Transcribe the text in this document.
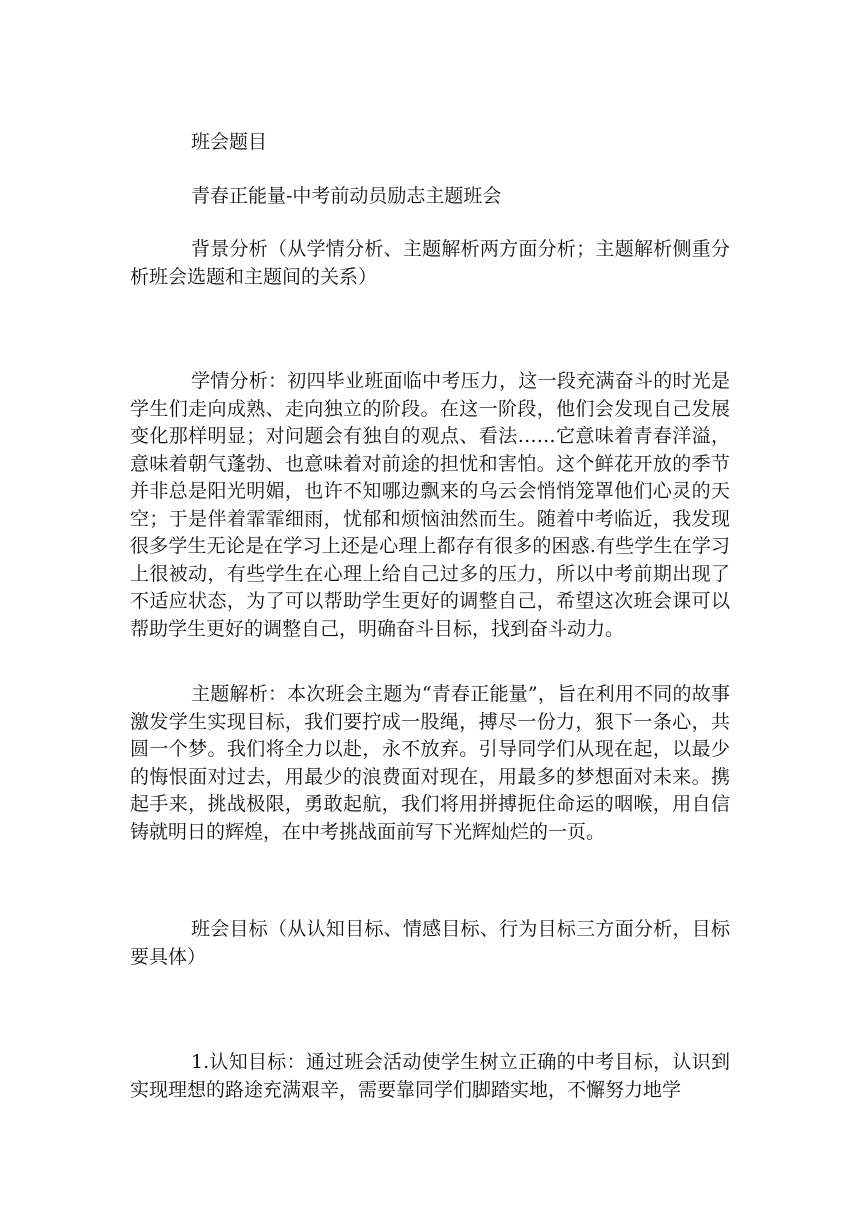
班会题目

青春正能量-中考前动员励志主题班会

背景分析（从学情分析、主题解析两方面分析；主题解析侧重分析班会选题和主题间的关系）

学情分析：初四毕业班面临中考压力，这一段充满奋斗的时光是学生们走向成熟、走向独立的阶段。在这一阶段，他们会发现自己发展变化那样明显；对问题会有独自的观点、看法……它意味着青春洋溢，意味着朝气蓬勃、也意味着对前途的担忧和害怕。这个鲜花开放的季节并非总是阳光明媚，也许不知哪边飘来的乌云会悄悄笼罩他们心灵的天空；于是伴着霏霏细雨，忧郁和烦恼油然而生。随着中考临近，我发现很多学生无论是在学习上还是心理上都存有很多的困惑.有些学生在学习上很被动，有些学生在心理上给自己过多的压力，所以中考前期出现了不适应状态，为了可以帮助学生更好的调整自己，希望这次班会课可以帮助学生更好的调整自己，明确奋斗目标，找到奋斗动力。

主题解析：本次班会主题为“青春正能量”，旨在利用不同的故事激发学生实现目标，我们要拧成一股绳，搏尽一份力，狠下一条心，共圆一个梦。我们将全力以赴，永不放弃。引导同学们从现在起，以最少的悔恨面对过去，用最少的浪费面对现在，用最多的梦想面对未来。携起手来，挑战极限，勇敢起航，我们将用拼搏扼住命运的咽喉，用自信铸就明日的辉煌，在中考挑战面前写下光辉灿烂的一页。

班会目标（从认知目标、情感目标、行为目标三方面分析，目标要具体）

1.认知目标：通过班会活动使学生树立正确的中考目标，认识到实现理想的路途充满艰辛，需要靠同学们脚踏实地，不懈努力地学
